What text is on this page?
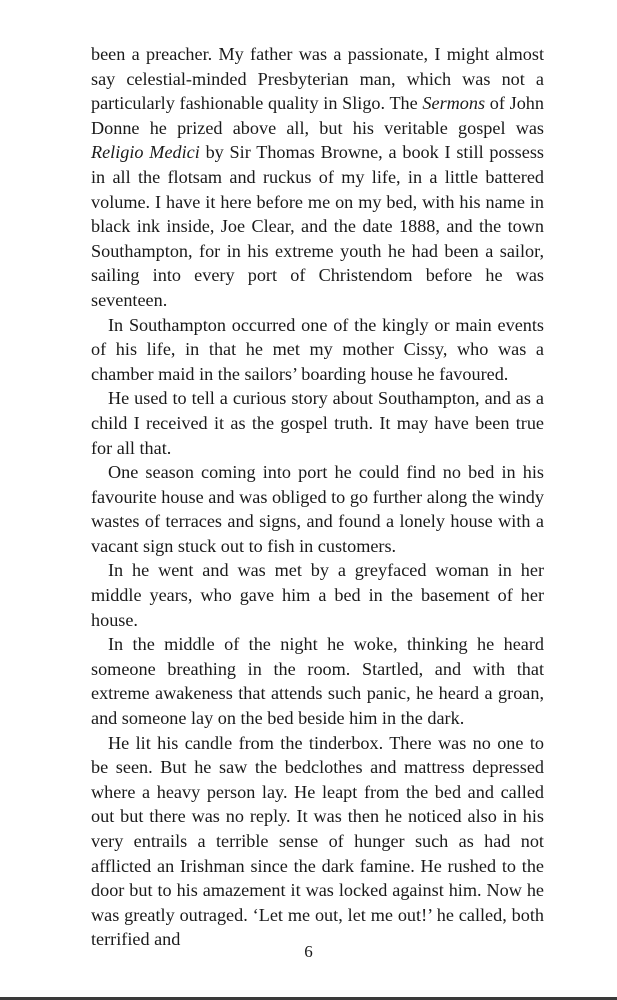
been a preacher. My father was a passionate, I might almost say celestial-minded Presbyterian man, which was not a particularly fashionable quality in Sligo. The Sermons of John Donne he prized above all, but his veritable gospel was Religio Medici by Sir Thomas Browne, a book I still possess in all the flotsam and ruckus of my life, in a little battered volume. I have it here before me on my bed, with his name in black ink inside, Joe Clear, and the date 1888, and the town Southampton, for in his extreme youth he had been a sailor, sailing into every port of Christendom before he was seventeen.

In Southampton occurred one of the kingly or main events of his life, in that he met my mother Cissy, who was a chamber maid in the sailors’ boarding house he favoured.

He used to tell a curious story about Southampton, and as a child I received it as the gospel truth. It may have been true for all that.

One season coming into port he could find no bed in his favourite house and was obliged to go further along the windy wastes of terraces and signs, and found a lonely house with a vacant sign stuck out to fish in customers.

In he went and was met by a greyfaced woman in her middle years, who gave him a bed in the basement of her house.

In the middle of the night he woke, thinking he heard someone breathing in the room. Startled, and with that extreme awakeness that attends such panic, he heard a groan, and someone lay on the bed beside him in the dark.

He lit his candle from the tinderbox. There was no one to be seen. But he saw the bedclothes and mattress depressed where a heavy person lay. He leapt from the bed and called out but there was no reply. It was then he noticed also in his very entrails a terrible sense of hunger such as had not afflicted an Irishman since the dark famine. He rushed to the door but to his amazement it was locked against him. Now he was greatly outraged. ‘Let me out, let me out!’ he called, both terrified and

6
